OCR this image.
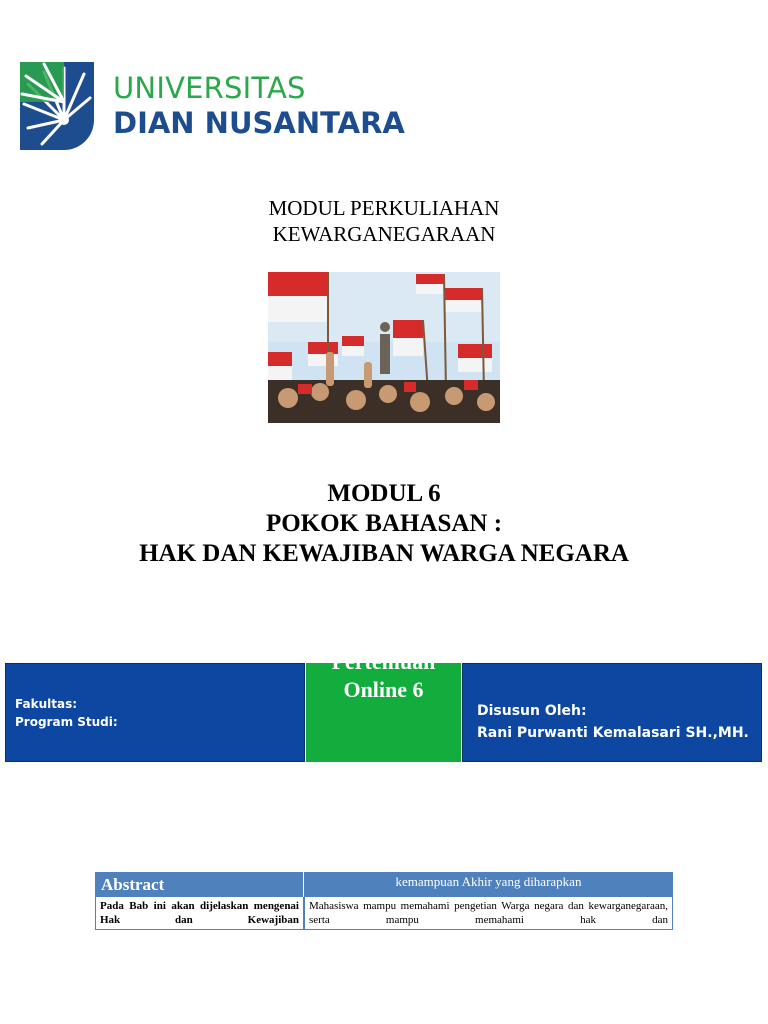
UNIVERSITAS
DIAN NUSANTARA
MODUL PERKULIAHAN
KEWARGANEGARAAN
MODUL 6
POKOK BAHASAN :
HAK DAN KEWAJIBAN WARGA NEGARA
Fakultas:
Program Studi:
Pertemuan
Online 6
Disusun Oleh:
Rani Purwanti Kemalasari SH.,MH.
Abstract	kemampuan Akhir yang diharapkan
Pada Bab ini akan dijelaskan mengenai Hak dan Kewajiban
Mahasiswa mampu memahami pengetian Warga negara dan kewarganegaraan, serta mampu memahami hak dan
